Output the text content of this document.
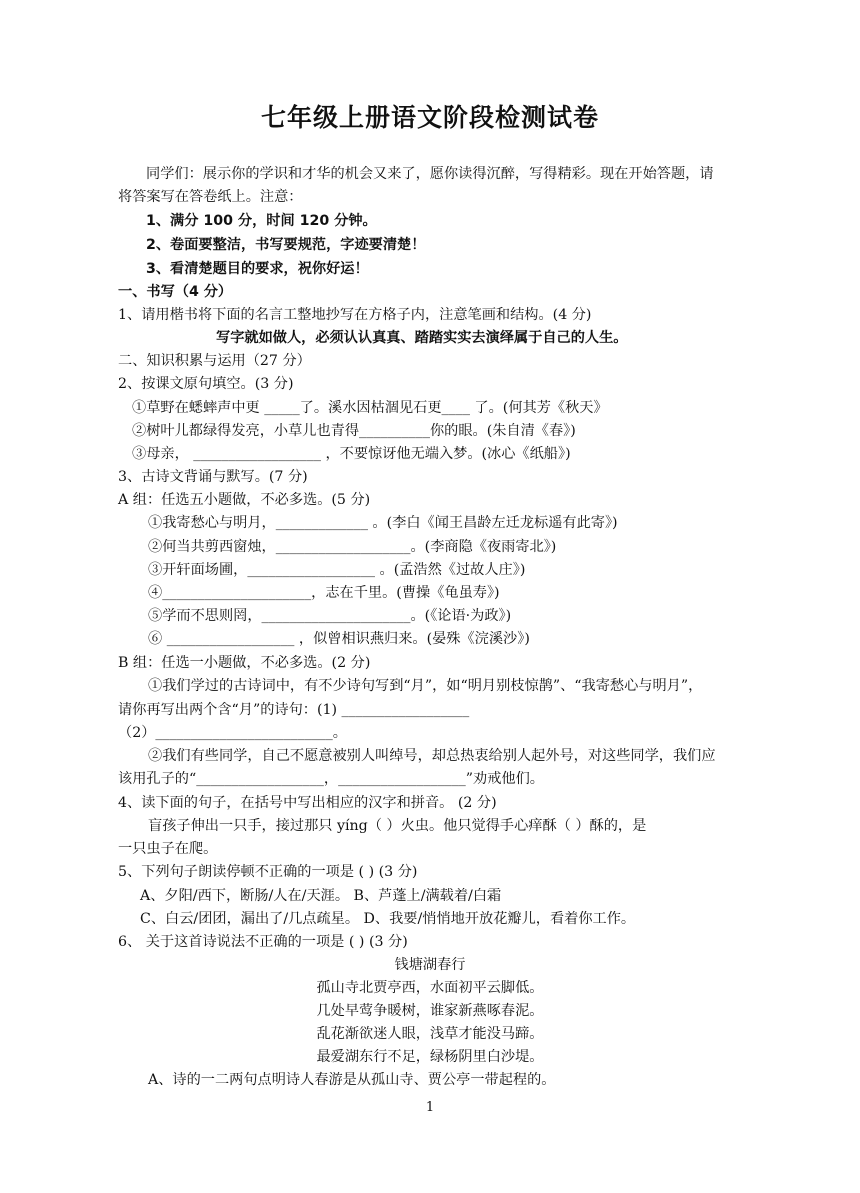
七年级上册语文阶段检测试卷
同学们：展示你的学识和才华的机会又来了，愿你读得沉醉，写得精彩。现在开始答题，请
将答案写在答卷纸上。注意：
1、满分 100 分，时间 120 分钟。
2、卷面要整洁，书写要规范，字迹要清楚！
3、看清楚题目的要求，祝你好运！
一、书写（4 分）
1、请用楷书将下面的名言工整地抄写在方格子内，注意笔画和结构。(4 分)
写字就如做人，必须认认真真、踏踏实实去演绎属于自己的人生。
二、知识积累与运用（27 分）
2、按课文原句填空。(3 分)
①草野在蟋蟀声中更 _____了。溪水因枯涸见石更____ 了。(何其芳《秋天》
②树叶儿都绿得发亮，小草儿也青得__________你的眼。(朱自清《春》)
③母亲， __________________ ，不要惊讶他无端入梦。(冰心《纸船》)
3、古诗文背诵与默写。(7 分)
A 组：任选五小题做，不必多选。(5 分)
①我寄愁心与明月，_____________ 。(李白《闻王昌龄左迁龙标遥有此寄》)
②何当共剪西窗烛，___________________。(李商隐《夜雨寄北》)
③开轩面场圃，__________________ 。(孟浩然《过故人庄》)
④_____________________，志在千里。(曹操《龟虽寿》)
⑤学而不思则罔，_____________________。(《论语·为政》)
⑥ __________________ ，似曾相识燕归来。(晏殊《浣溪沙》)
B 组：任选一小题做，不必多选。(2 分)
①我们学过的古诗词中，有不少诗句写到“月”，如“明月别枝惊鹊”、“我寄愁心与明月”，
请你再写出两个含“月”的诗句：(1) __________________
（2）_________________________。
②我们有些同学，自己不愿意被别人叫绰号，却总热衷给别人起外号，对这些同学，我们应
该用孔子的“__________________，__________________”劝戒他们。
4、读下面的句子，在括号中写出相应的汉字和拼音。 (2 分)
盲孩子伸出一只手，接过那只 yíng（ ）火虫。他只觉得手心痒酥（ ）酥的，是
一只虫子在爬。
5、下列句子朗读停顿不正确的一项是 ( ) (3 分)
A、夕阳/西下，断肠/人在/天涯。 B、芦蓬上/满载着/白霜
C、白云/团团，漏出了/几点疏星。 D、我要/悄悄地开放花瓣儿，看着你工作。
6、 关于这首诗说法不正确的一项是 ( ) (3 分)
钱塘湖春行
孤山寺北贾亭西，水面初平云脚低。
几处早莺争暖树，谁家新燕啄春泥。
乱花渐欲迷人眼，浅草才能没马蹄。
最爱湖东行不足，绿杨阴里白沙堤。
A、诗的一二两句点明诗人春游是从孤山寺、贾公亭一带起程的。
1
